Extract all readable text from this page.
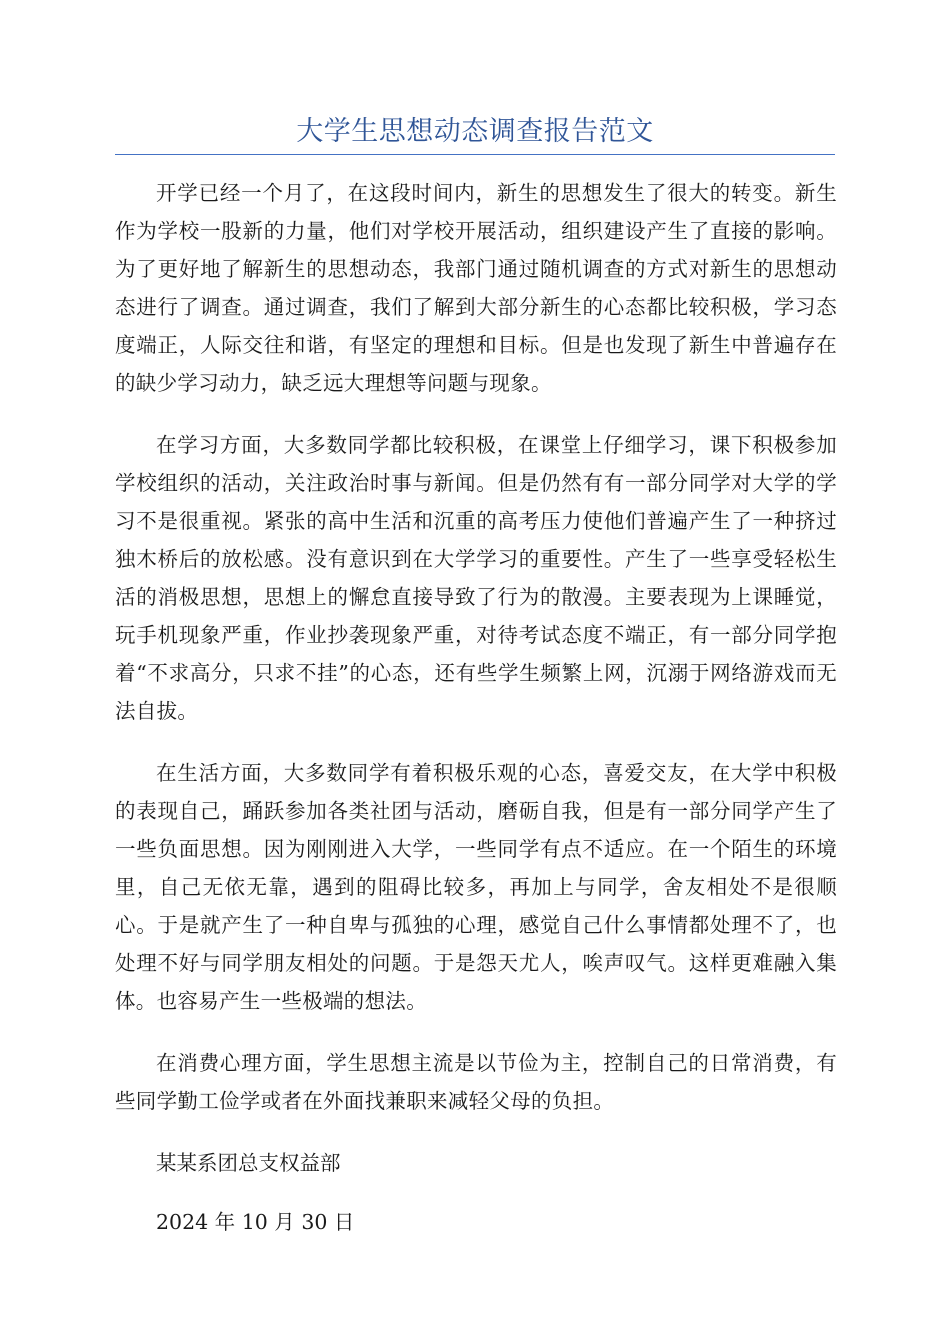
大学生思想动态调查报告范文

开学已经一个月了，在这段时间内，新生的思想发生了很大的转变。新生作为学校一股新的力量，他们对学校开展活动，组织建设产生了直接的影响。为了更好地了解新生的思想动态，我部门通过随机调查的方式对新生的思想动态进行了调查。通过调查，我们了解到大部分新生的心态都比较积极，学习态度端正，人际交往和谐，有坚定的理想和目标。但是也发现了新生中普遍存在的缺少学习动力，缺乏远大理想等问题与现象。

在学习方面，大多数同学都比较积极，在课堂上仔细学习，课下积极参加学校组织的活动，关注政治时事与新闻。但是仍然有有一部分同学对大学的学习不是很重视。紧张的高中生活和沉重的高考压力使他们普遍产生了一种挤过独木桥后的放松感。没有意识到在大学学习的重要性。产生了一些享受轻松生活的消极思想，思想上的懈怠直接导致了行为的散漫。主要表现为上课睡觉，玩手机现象严重，作业抄袭现象严重，对待考试态度不端正，有一部分同学抱着“不求高分，只求不挂”的心态，还有些学生频繁上网，沉溺于网络游戏而无法自拔。

在生活方面，大多数同学有着积极乐观的心态，喜爱交友，在大学中积极的表现自己，踊跃参加各类社团与活动，磨砺自我，但是有一部分同学产生了一些负面思想。因为刚刚进入大学，一些同学有点不适应。在一个陌生的环境里，自己无依无靠，遇到的阻碍比较多，再加上与同学，舍友相处不是很顺心。于是就产生了一种自卑与孤独的心理，感觉自己什么事情都处理不了，也处理不好与同学朋友相处的问题。于是怨天尤人，唉声叹气。这样更难融入集体。也容易产生一些极端的想法。

在消费心理方面，学生思想主流是以节俭为主，控制自己的日常消费，有些同学勤工俭学或者在外面找兼职来减轻父母的负担。

某某系团总支权益部

2024 年 10 月 30 日
